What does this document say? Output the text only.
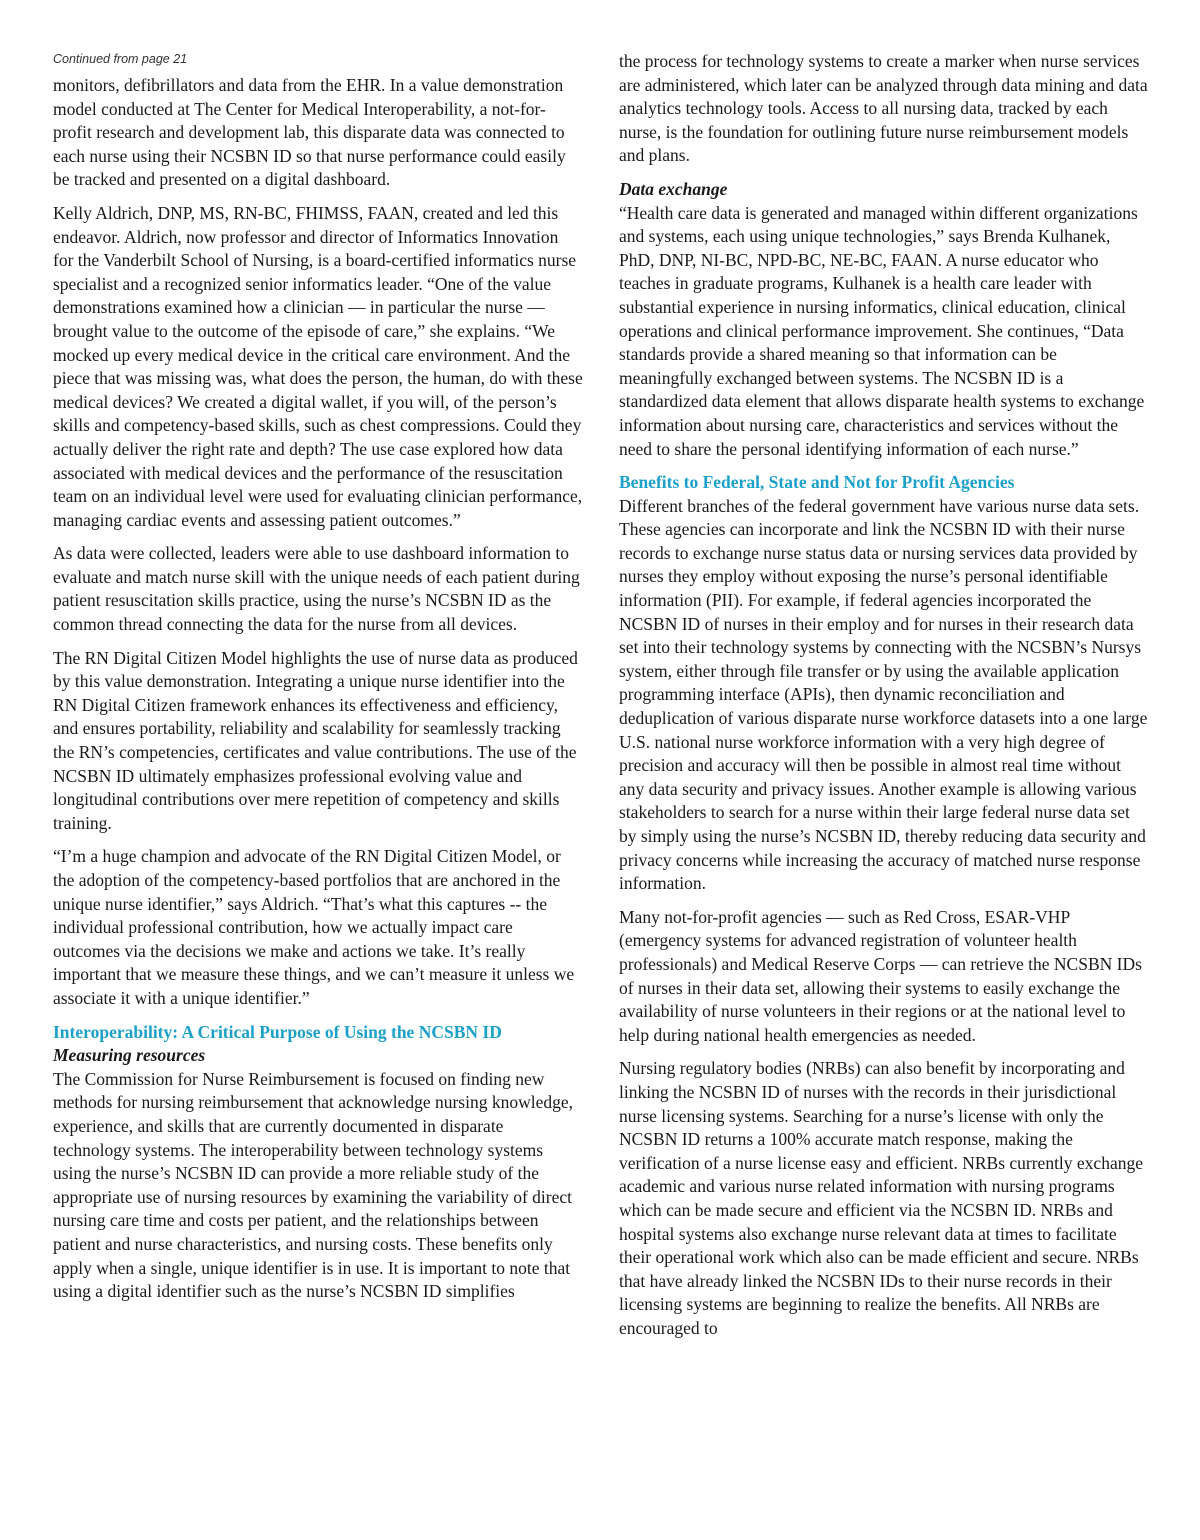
Continued from page 21

monitors, defibrillators and data from the EHR. In a value demonstration model conducted at The Center for Medical Interoperability, a not-for-profit research and development lab, this disparate data was connected to each nurse using their NCSBN ID so that nurse performance could easily be tracked and presented on a digital dashboard.

Kelly Aldrich, DNP, MS, RN-BC, FHIMSS, FAAN, created and led this endeavor. Aldrich, now professor and director of Informatics Innovation for the Vanderbilt School of Nursing, is a board-certified informatics nurse specialist and a recognized senior informatics leader. “One of the value demonstrations examined how a clinician — in particular the nurse — brought value to the outcome of the episode of care,” she explains. “We mocked up every medical device in the critical care environment. And the piece that was missing was, what does the person, the human, do with these medical devices? We created a digital wallet, if you will, of the person’s skills and competency-based skills, such as chest compressions. Could they actually deliver the right rate and depth? The use case explored how data associated with medical devices and the performance of the resuscitation team on an individual level were used for evaluating clinician performance, managing cardiac events and assessing patient outcomes.”

As data were collected, leaders were able to use dashboard information to evaluate and match nurse skill with the unique needs of each patient during patient resuscitation skills practice, using the nurse’s NCSBN ID as the common thread connecting the data for the nurse from all devices.

The RN Digital Citizen Model highlights the use of nurse data as produced by this value demonstration. Integrating a unique nurse identifier into the RN Digital Citizen framework enhances its effectiveness and efficiency, and ensures portability, reliability and scalability for seamlessly tracking the RN’s competencies, certificates and value contributions. The use of the NCSBN ID ultimately emphasizes professional evolving value and longitudinal contributions over mere repetition of competency and skills training.

“I’m a huge champion and advocate of the RN Digital Citizen Model, or the adoption of the competency-based portfolios that are anchored in the unique nurse identifier,” says Aldrich. “That’s what this captures -- the individual professional contribution, how we actually impact care outcomes via the decisions we make and actions we take. It’s really important that we measure these things, and we can’t measure it unless we associate it with a unique identifier.”

Interoperability: A Critical Purpose of Using the NCSBN ID
Measuring resources

The Commission for Nurse Reimbursement is focused on finding new methods for nursing reimbursement that acknowledge nursing knowledge, experience, and skills that are currently documented in disparate technology systems. The interoperability between technology systems using the nurse’s NCSBN ID can provide a more reliable study of the appropriate use of nursing resources by examining the variability of direct nursing care time and costs per patient, and the relationships between patient and nurse characteristics, and nursing costs. These benefits only apply when a single, unique identifier is in use. It is important to note that using a digital identifier such as the nurse’s NCSBN ID simplifies

the process for technology systems to create a marker when nurse services are administered, which later can be analyzed through data mining and data analytics technology tools. Access to all nursing data, tracked by each nurse, is the foundation for outlining future nurse reimbursement models and plans.

Data exchange

“Health care data is generated and managed within different organizations and systems, each using unique technologies,” says Brenda Kulhanek, PhD, DNP, NI-BC, NPD-BC, NE-BC, FAAN. A nurse educator who teaches in graduate programs, Kulhanek is a health care leader with substantial experience in nursing informatics, clinical education, clinical operations and clinical performance improvement. She continues, “Data standards provide a shared meaning so that information can be meaningfully exchanged between systems. The NCSBN ID is a standardized data element that allows disparate health systems to exchange information about nursing care, characteristics and services without the need to share the personal identifying information of each nurse.”

Benefits to Federal, State and Not for Profit Agencies

Different branches of the federal government have various nurse data sets. These agencies can incorporate and link the NCSBN ID with their nurse records to exchange nurse status data or nursing services data provided by nurses they employ without exposing the nurse’s personal identifiable information (PII). For example, if federal agencies incorporated the NCSBN ID of nurses in their employ and for nurses in their research data set into their technology systems by connecting with the NCSBN’s Nursys system, either through file transfer or by using the available application programming interface (APIs), then dynamic reconciliation and deduplication of various disparate nurse workforce datasets into a one large U.S. national nurse workforce information with a very high degree of precision and accuracy will then be possible in almost real time without any data security and privacy issues. Another example is allowing various stakeholders to search for a nurse within their large federal nurse data set by simply using the nurse’s NCSBN ID, thereby reducing data security and privacy concerns while increasing the accuracy of matched nurse response information.

Many not-for-profit agencies — such as Red Cross, ESAR-VHP (emergency systems for advanced registration of volunteer health professionals) and Medical Reserve Corps — can retrieve the NCSBN IDs of nurses in their data set, allowing their systems to easily exchange the availability of nurse volunteers in their regions or at the national level to help during national health emergencies as needed.

Nursing regulatory bodies (NRBs) can also benefit by incorporating and linking the NCSBN ID of nurses with the records in their jurisdictional nurse licensing systems. Searching for a nurse’s license with only the NCSBN ID returns a 100% accurate match response, making the verification of a nurse license easy and efficient. NRBs currently exchange academic and various nurse related information with nursing programs which can be made secure and efficient via the NCSBN ID. NRBs and hospital systems also exchange nurse relevant data at times to facilitate their operational work which also can be made efficient and secure. NRBs that have already linked the NCSBN IDs to their nurse records in their licensing systems are beginning to realize the benefits. All NRBs are encouraged to
